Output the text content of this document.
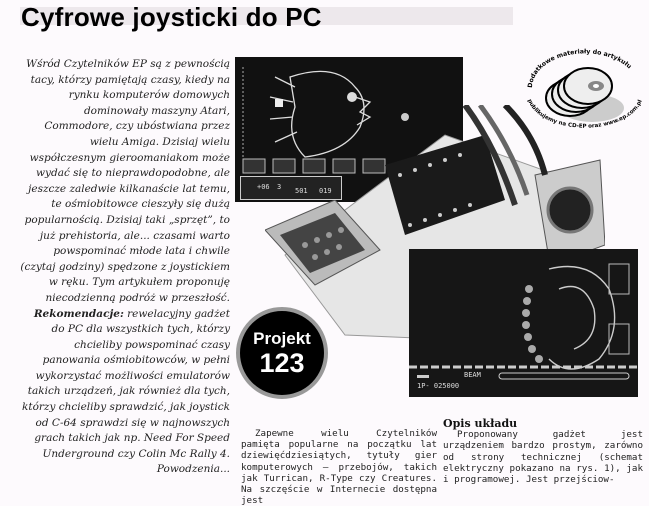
Cyfrowe joysticki do PC

Wśród Czytelników EP są z pewnością tacy, którzy pamiętają czasy, kiedy na rynku komputerów domowych dominowały maszyny Atari, Commodore, czy ubóstwiana przez wielu Amiga. Dzisiaj wielu współczesnym gieroomaniakom może wydać się to nieprawdopodobne, ale jeszcze zaledwie kilkanaście lat temu, te ośmiobitowce cieszyły się dużą popularnością. Dzisiaj taki „sprzęt”, to już prehistoria, ale... czasami warto powspominać młode lata i chwile (czytaj godziny) spędzone z joystickiem w ręku. Tym artykułem proponuję niecodzienną podróż w przeszłość. Rekomendacje: rewelacyjny gadżet do PC dla wszystkich tych, którzy chcieliby powspominać czasy panowania ośmiobitowców, w pełni wykorzystać możliwości emulatorów takich urządzeń, jak również dla tych, którzy chcieliby sprawdzić, jak joystick od C-64 sprawdzi się w najnowszych grach takich jak np. Need For Speed Underground czy Colin Mc Rally 4. Powodzenia...

+06 3 501 019
BEAM
1P- 025000
Projekt
123
Dodatkowe materiały do artykułu
publikujemy na CD-EP oraz www.ep.com.pl

Zapewne wielu Czytelników pamięta popularne na początku lat dziewięćdziesiątych, tytuły gier komputerowych – przebojów, takich jak Turrican, R-Type czy Creatures. Na szczęście w Internecie dostępna jest

Opis układu

Proponowany gadżet jest urządzeniem bardzo prostym, zarówno od strony technicznej (schemat elektryczny pokazano na rys. 1), jak i programowej. Jest przejściow-
